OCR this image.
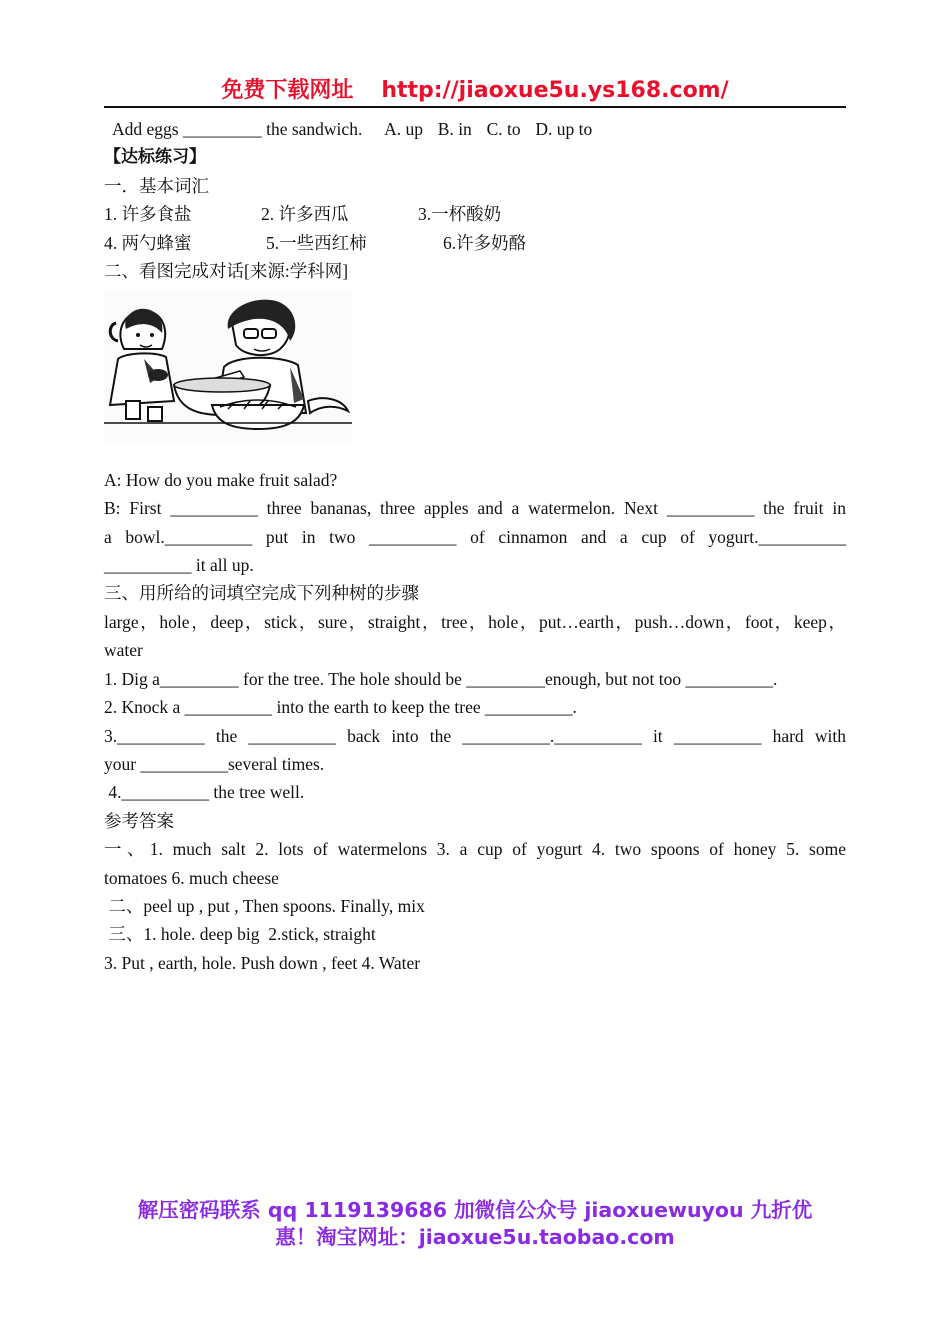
免费下载网址 http://jiaoxue5u.ys168.com/
Add eggs _________ the sandwich. A. up B. in C. to D. up to
【达标练习】
一．基本词汇
1. 许多食盐	2. 许多西瓜	3.一杯酸奶
4. 两勺蜂蜜	5.一些西红柿	6.许多奶酪
二、看图完成对话[来源:学科网]
A: How do you make fruit salad?
B: First __________ three bananas, three apples and a watermelon. Next __________ the fruit in
a bowl.__________ put in two __________ of cinnamon and a cup of yogurt.__________
__________ it all up.
三、用所给的词填空完成下列种树的步骤
large，hole，deep，stick，sure，straight，tree，hole，put…earth，push…down，foot，keep，water
1. Dig a_________ for the tree. The hole should be _________enough, but not too __________.
2. Knock a __________ into the earth to keep the tree __________.
3.__________ the __________ back into the __________.__________ it __________ hard with
your __________several times.
4.__________ the tree well.
参考答案
一、1. much salt 2. lots of watermelons 3. a cup of yogurt 4. two spoons of honey 5. some
tomatoes 6. much cheese
二、peel up , put , Then spoons. Finally, mix
三、1. hole. deep big  2.stick, straight
3. Put , earth, hole. Push down , feet 4. Water
解压密码联系 qq 1119139686 加微信公众号 jiaoxuewuyou 九折优
惠！淘宝网址：jiaoxue5u.taobao.com
